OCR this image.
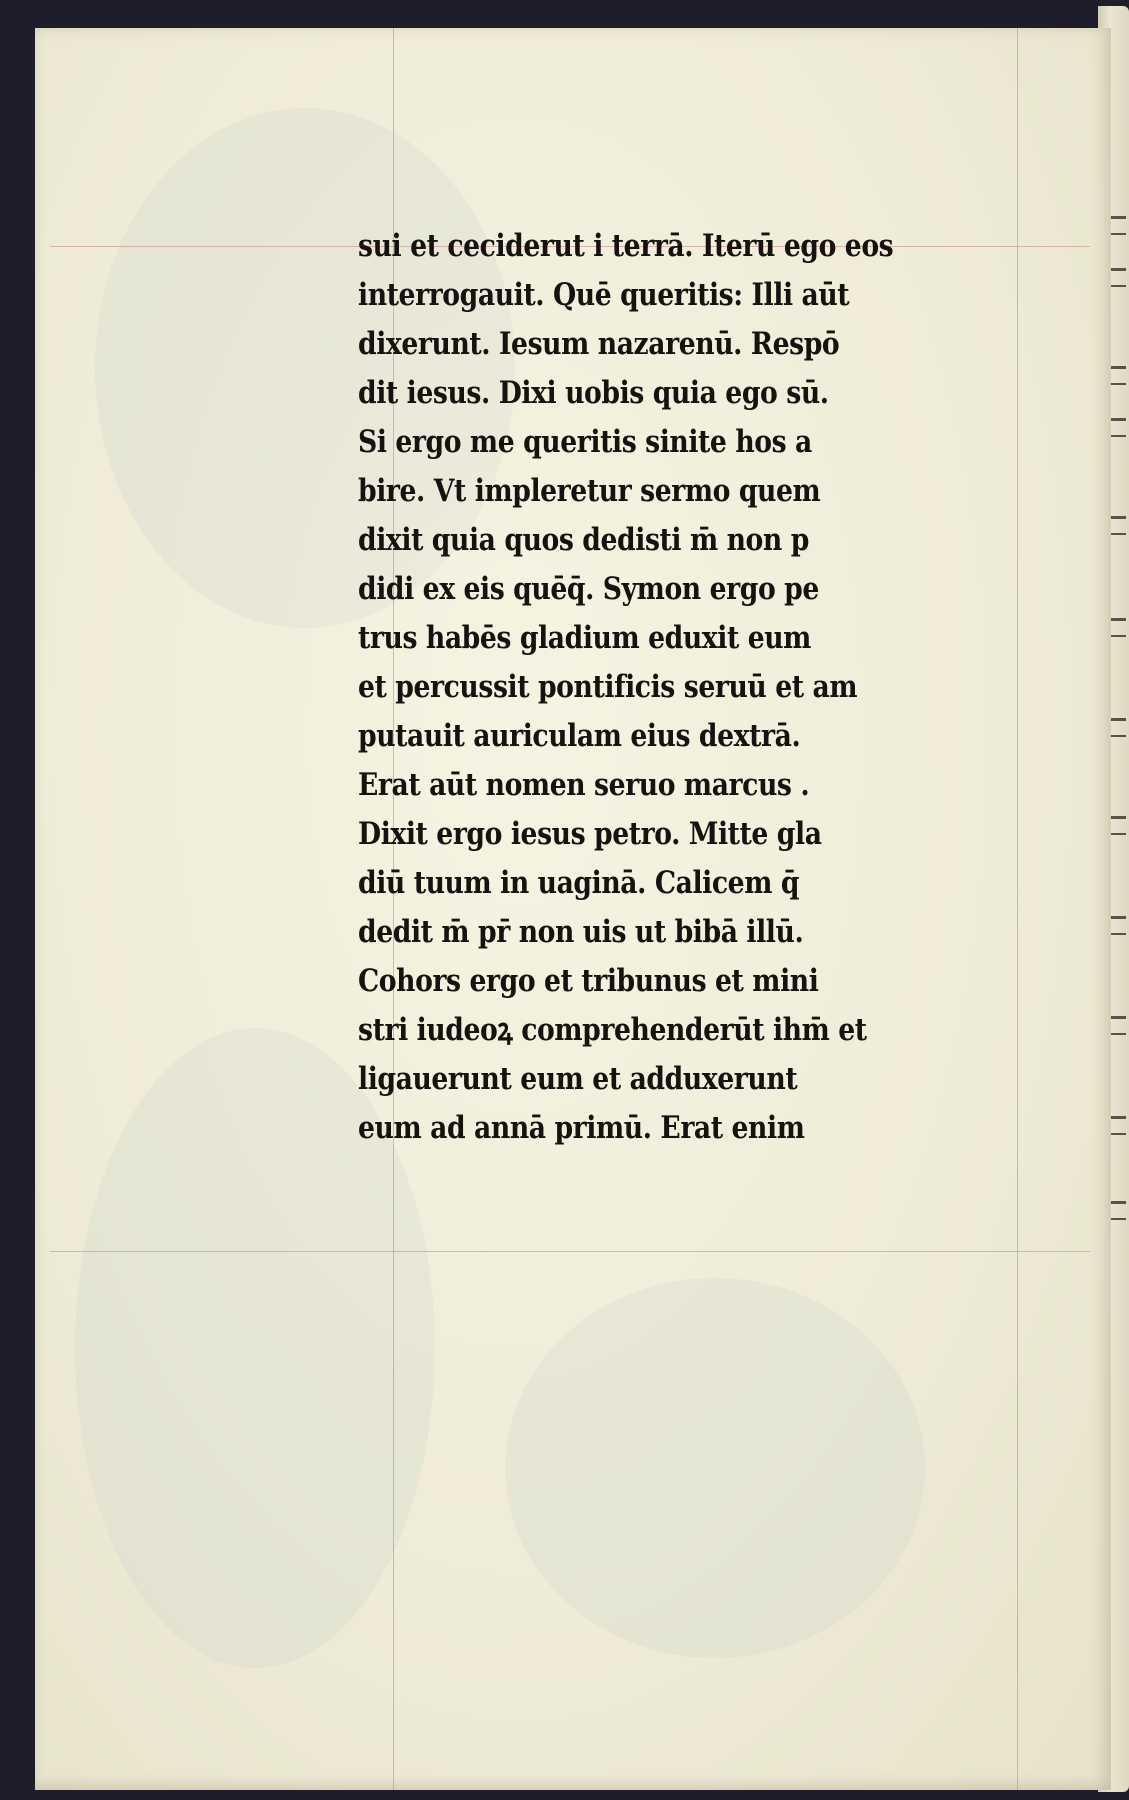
sui et ceciderut i terrā. Iterū ego eos
interrogauit. Quē queritis: Illi aūt
dixerunt. Iesum nazarenū. Respō
dit iesus. Dixi uobis quia ego sū.
Si ergo me queritis sinite hos a
bire. Vt impleretur sermo quem
dixit quia quos dedisti m̄ non p
didi ex eis quēq̄. Symon ergo pe
trus habēs gladium eduxit eum
et percussit pontificis seruū et am
putauit auriculam eius dextrā.
Erat aūt nomen seruo marcus .
Dixit ergo iesus petro. Mitte gla
diū tuum in uaginā. Calicem q̄
dedit m̄ pr̄ non uis ut bibā illū.
Cohors ergo et tribunus et mini
stri iudeoꝝ comprehenderūt ihm̄ et
ligauerunt eum et adduxerunt
eum ad annā primū. Erat enim
